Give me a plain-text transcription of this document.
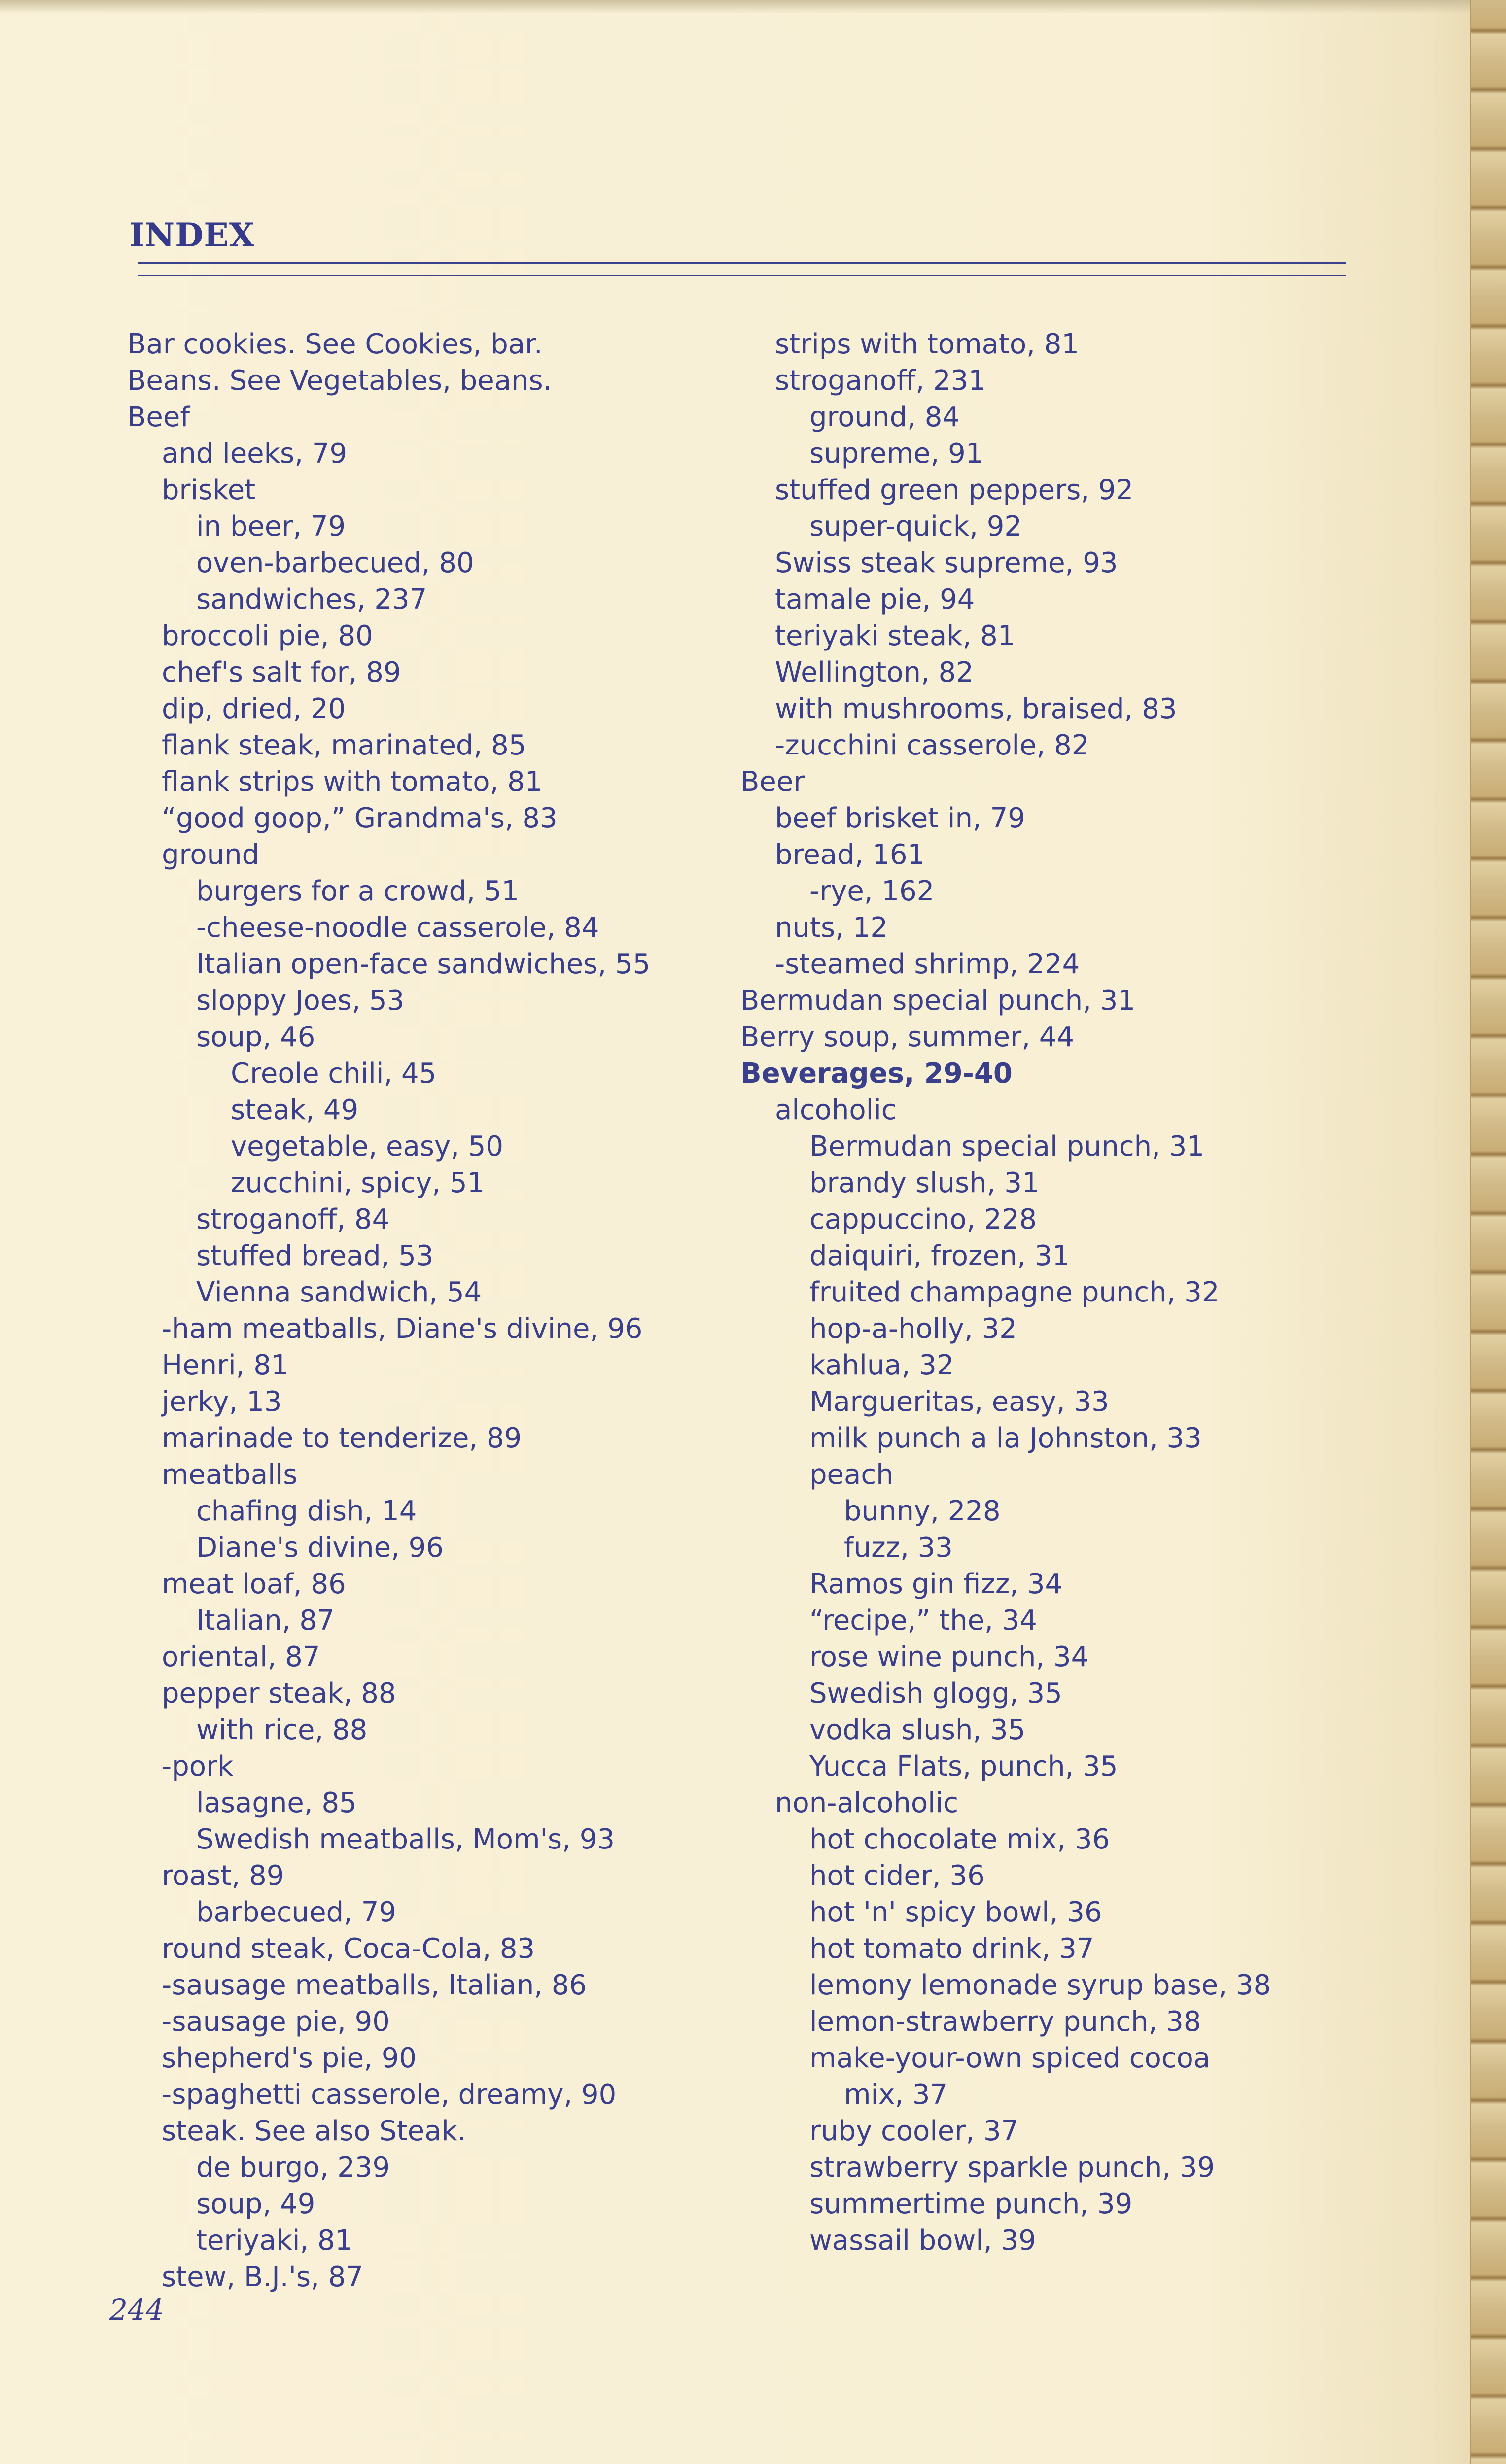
INDEX
Bar cookies. See Cookies, bar.
Beans. See Vegetables, beans.
Beef
and leeks, 79
brisket
in beer, 79
oven-barbecued, 80
sandwiches, 237
broccoli pie, 80
chef's salt for, 89
dip, dried, 20
flank steak, marinated, 85
flank strips with tomato, 81
“good goop,” Grandma's, 83
ground
burgers for a crowd, 51
-cheese-noodle casserole, 84
Italian open-face sandwiches, 55
sloppy Joes, 53
soup, 46
Creole chili, 45
steak, 49
vegetable, easy, 50
zucchini, spicy, 51
stroganoff, 84
stuffed bread, 53
Vienna sandwich, 54
-ham meatballs, Diane's divine, 96
Henri, 81
jerky, 13
marinade to tenderize, 89
meatballs
chafing dish, 14
Diane's divine, 96
meat loaf, 86
Italian, 87
oriental, 87
pepper steak, 88
with rice, 88
-pork
lasagne, 85
Swedish meatballs, Mom's, 93
roast, 89
barbecued, 79
round steak, Coca-Cola, 83
-sausage meatballs, Italian, 86
-sausage pie, 90
shepherd's pie, 90
-spaghetti casserole, dreamy, 90
steak. See also Steak.
de burgo, 239
soup, 49
teriyaki, 81
stew, B.J.'s, 87
strips with tomato, 81
stroganoff, 231
ground, 84
supreme, 91
stuffed green peppers, 92
super-quick, 92
Swiss steak supreme, 93
tamale pie, 94
teriyaki steak, 81
Wellington, 82
with mushrooms, braised, 83
-zucchini casserole, 82
Beer
beef brisket in, 79
bread, 161
-rye, 162
nuts, 12
-steamed shrimp, 224
Bermudan special punch, 31
Berry soup, summer, 44
Beverages, 29-40
alcoholic
Bermudan special punch, 31
brandy slush, 31
cappuccino, 228
daiquiri, frozen, 31
fruited champagne punch, 32
hop-a-holly, 32
kahlua, 32
Margueritas, easy, 33
milk punch a la Johnston, 33
peach
bunny, 228
fuzz, 33
Ramos gin fizz, 34
“recipe,” the, 34
rose wine punch, 34
Swedish glogg, 35
vodka slush, 35
Yucca Flats, punch, 35
non-alcoholic
hot chocolate mix, 36
hot cider, 36
hot 'n' spicy bowl, 36
hot tomato drink, 37
lemony lemonade syrup base, 38
lemon-strawberry punch, 38
make-your-own spiced cocoa
mix, 37
ruby cooler, 37
strawberry sparkle punch, 39
summertime punch, 39
wassail bowl, 39
244
